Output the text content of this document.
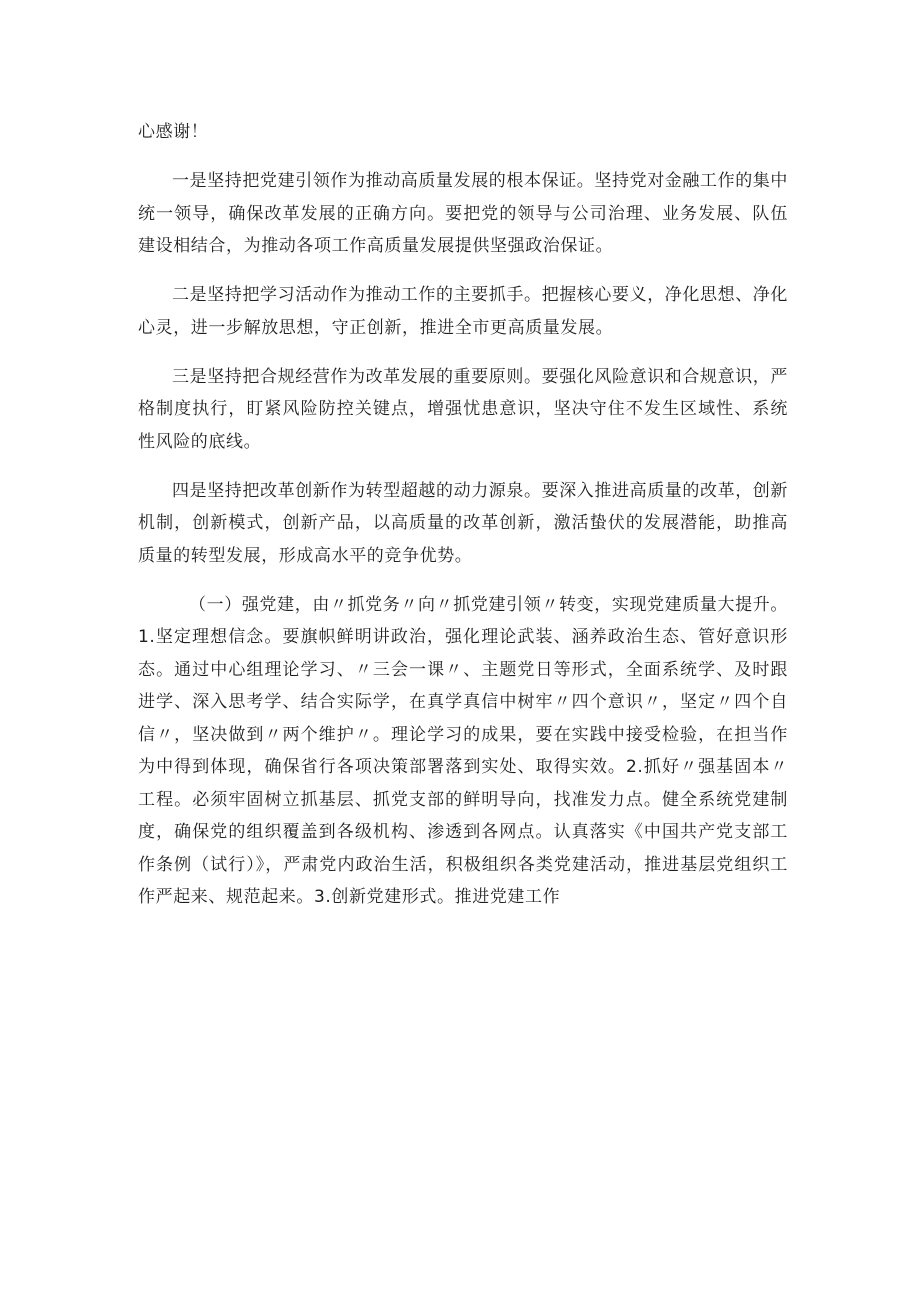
心感谢！

一是坚持把党建引领作为推动高质量发展的根本保证。坚持党对金融工作的集中统一领导，确保改革发展的正确方向。要把党的领导与公司治理、业务发展、队伍建设相结合，为推动各项工作高质量发展提供坚强政治保证。

二是坚持把学习活动作为推动工作的主要抓手。把握核心要义，净化思想、净化心灵，进一步解放思想，守正创新，推进全市更高质量发展。

三是坚持把合规经营作为改革发展的重要原则。要强化风险意识和合规意识，严格制度执行，盯紧风险防控关键点，增强忧患意识，坚决守住不发生区域性、系统性风险的底线。

四是坚持把改革创新作为转型超越的动力源泉。要深入推进高质量的改革，创新机制，创新模式，创新产品，以高质量的改革创新，激活蛰伏的发展潜能，助推高质量的转型发展，形成高水平的竞争优势。

（一）强党建，由〃抓党务〃向〃抓党建引领〃转变，实现党建质量大提升。1.坚定理想信念。要旗帜鲜明讲政治，强化理论武装、涵养政治生态、管好意识形态。通过中心组理论学习、〃三会一课〃、主题党日等形式，全面系统学、及时跟进学、深入思考学、结合实际学，在真学真信中树牢〃四个意识〃，坚定〃四个自信〃，坚决做到〃两个维护〃。理论学习的成果，要在实践中接受检验，在担当作为中得到体现，确保省行各项决策部署落到实处、取得实效。2.抓好〃强基固本〃工程。必须牢固树立抓基层、抓党支部的鲜明导向，找准发力点。健全系统党建制度，确保党的组织覆盖到各级机构、渗透到各网点。认真落实《中国共产党支部工作条例（试行）》，严肃党内政治生活，积极组织各类党建活动，推进基层党组织工作严起来、规范起来。3.创新党建形式。推进党建工作
